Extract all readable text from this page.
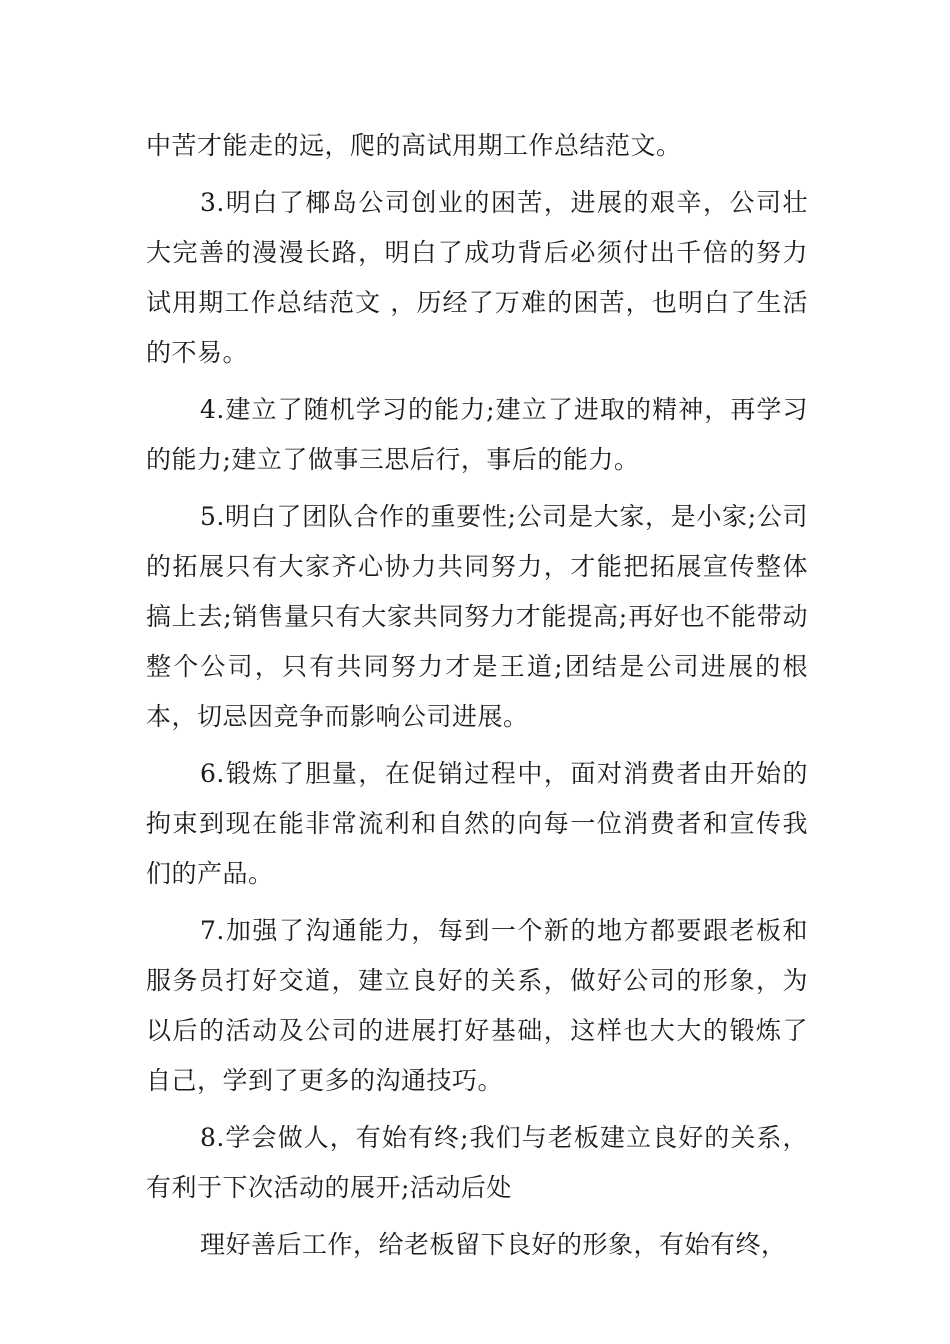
中苦才能走的远，爬的高试用期工作总结范文。

3.明白了椰岛公司创业的困苦，进展的艰辛，公司壮大完善的漫漫长路，明白了成功背后必须付出千倍的努力试用期工作总结范文 ，历经了万难的困苦，也明白了生活的不易。

4.建立了随机学习的能力;建立了进取的精神，再学习的能力;建立了做事三思后行，事后的能力。

5.明白了团队合作的重要性;公司是大家，是小家;公司的拓展只有大家齐心协力共同努力，才能把拓展宣传整体搞上去;销售量只有大家共同努力才能提高;再好也不能带动整个公司，只有共同努力才是王道;团结是公司进展的根本，切忌因竞争而影响公司进展。

6.锻炼了胆量，在促销过程中，面对消费者由开始的拘束到现在能非常流利和自然的向每一位消费者和宣传我们的产品。

7.加强了沟通能力，每到一个新的地方都要跟老板和服务员打好交道，建立良好的关系，做好公司的形象，为以后的活动及公司的进展打好基础，这样也大大的锻炼了自己，学到了更多的沟通技巧。

8.学会做人，有始有终;我们与老板建立良好的关系，有利于下次活动的展开;活动后处

理好善后工作，给老板留下良好的形象，有始有终，
